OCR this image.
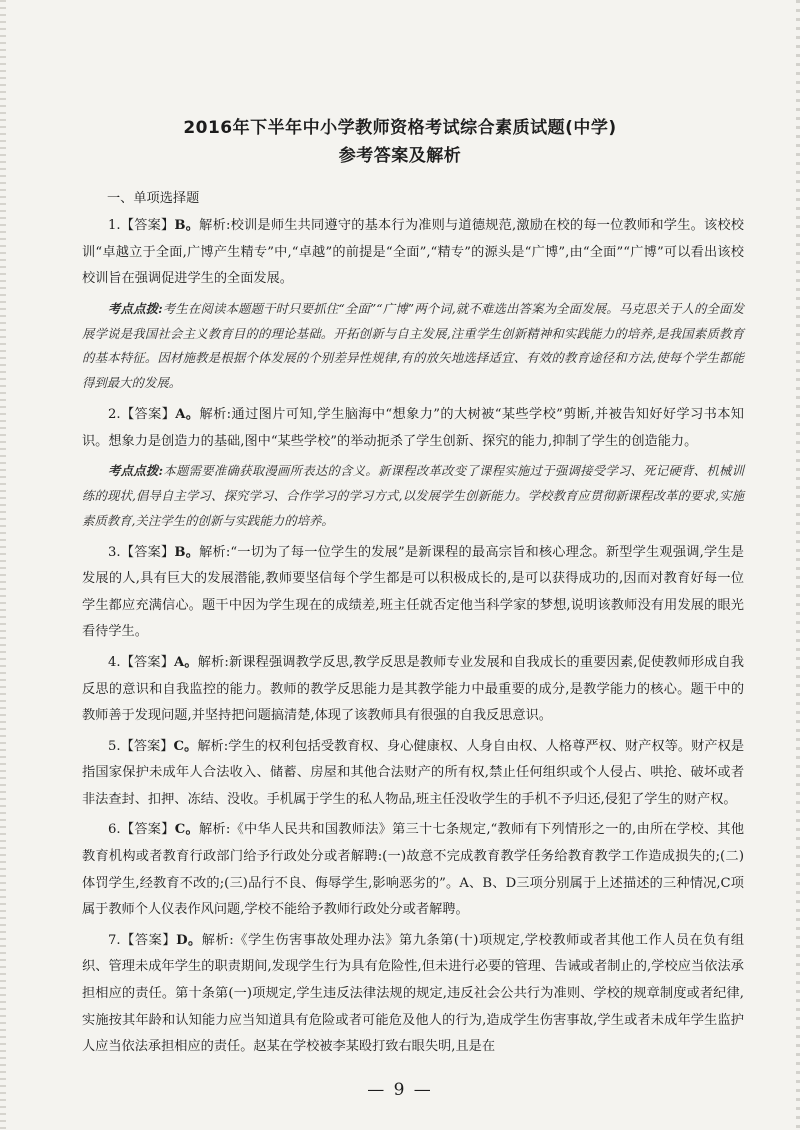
2016年下半年中小学教师资格考试综合素质试题(中学)
参考答案及解析
一、单项选择题

1.【答案】B。解析:校训是师生共同遵守的基本行为准则与道德规范,激励在校的每一位教师和学生。该校校训“卓越立于全面,广博产生精专”中,“卓越”的前提是“全面”,“精专”的源头是“广博”,由“全面”“广博”可以看出该校校训旨在强调促进学生的全面发展。

考点点拨:考生在阅读本题题干时只要抓住“全面”“广博”两个词,就不难选出答案为全面发展。马克思关于人的全面发展学说是我国社会主义教育目的的理论基础。开拓创新与自主发展,注重学生创新精神和实践能力的培养,是我国素质教育的基本特征。因材施教是根据个体发展的个别差异性规律,有的放矢地选择适宜、有效的教育途径和方法,使每个学生都能得到最大的发展。

2.【答案】A。解析:通过图片可知,学生脑海中“想象力”的大树被“某些学校”剪断,并被告知好好学习书本知识。想象力是创造力的基础,图中“某些学校”的举动扼杀了学生创新、探究的能力,抑制了学生的创造能力。

考点点拨:本题需要准确获取漫画所表达的含义。新课程改革改变了课程实施过于强调接受学习、死记硬背、机械训练的现状,倡导自主学习、探究学习、合作学习的学习方式,以发展学生创新能力。学校教育应贯彻新课程改革的要求,实施素质教育,关注学生的创新与实践能力的培养。

3.【答案】B。解析:“一切为了每一位学生的发展”是新课程的最高宗旨和核心理念。新型学生观强调,学生是发展的人,具有巨大的发展潜能,教师要坚信每个学生都是可以积极成长的,是可以获得成功的,因而对教育好每一位学生都应充满信心。题干中因为学生现在的成绩差,班主任就否定他当科学家的梦想,说明该教师没有用发展的眼光看待学生。

4.【答案】A。解析:新课程强调教学反思,教学反思是教师专业发展和自我成长的重要因素,促使教师形成自我反思的意识和自我监控的能力。教师的教学反思能力是其教学能力中最重要的成分,是教学能力的核心。题干中的教师善于发现问题,并坚持把问题搞清楚,体现了该教师具有很强的自我反思意识。

5.【答案】C。解析:学生的权利包括受教育权、身心健康权、人身自由权、人格尊严权、财产权等。财产权是指国家保护未成年人合法收入、储蓄、房屋和其他合法财产的所有权,禁止任何组织或个人侵占、哄抢、破坏或者非法查封、扣押、冻结、没收。手机属于学生的私人物品,班主任没收学生的手机不予归还,侵犯了学生的财产权。

6.【答案】C。解析:《中华人民共和国教师法》第三十七条规定,“教师有下列情形之一的,由所在学校、其他教育机构或者教育行政部门给予行政处分或者解聘:(一)故意不完成教育教学任务给教育教学工作造成损失的;(二)体罚学生,经教育不改的;(三)品行不良、侮辱学生,影响恶劣的”。A、B、D三项分别属于上述描述的三种情况,C项属于教师个人仪表作风问题,学校不能给予教师行政处分或者解聘。

7.【答案】D。解析:《学生伤害事故处理办法》第九条第(十)项规定,学校教师或者其他工作人员在负有组织、管理未成年学生的职责期间,发现学生行为具有危险性,但未进行必要的管理、告诫或者制止的,学校应当依法承担相应的责任。第十条第(一)项规定,学生违反法律法规的规定,违反社会公共行为准则、学校的规章制度或者纪律,实施按其年龄和认知能力应当知道具有危险或者可能危及他人的行为,造成学生伤害事故,学生或者未成年学生监护人应当依法承担相应的责任。赵某在学校被李某殴打致右眼失明,且是在

— 9 —
